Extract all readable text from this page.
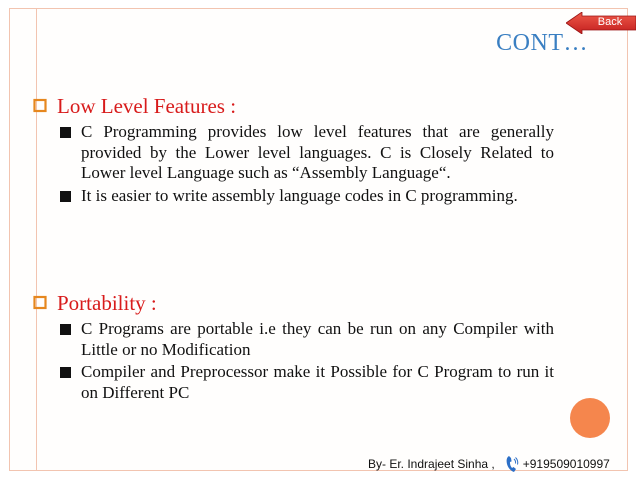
Back
CONT…
Low Level Features :
C Programming provides low level features that are generally provided by the Lower level languages. C is Closely Related to Lower level Language such as “Assembly Language“.
It is easier to write assembly language codes in C programming.
Portability :
C Programs are portable i.e they can be run on any Compiler with Little or no Modification
Compiler and Preprocessor make it Possible for C Program to run it on Different PC
By- Er. Indrajeet Sinha , +919509010997
